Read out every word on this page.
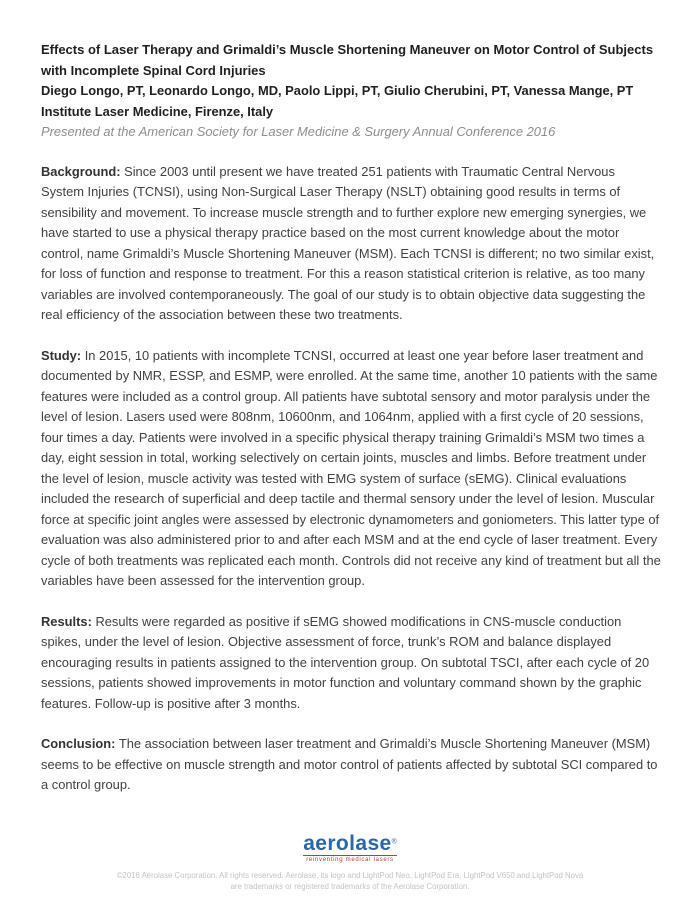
Effects of Laser Therapy and Grimaldi’s Muscle Shortening Maneuver on Motor Control of Subjects with Incomplete Spinal Cord Injuries

Diego Longo, PT, Leonardo Longo, MD, Paolo Lippi, PT, Giulio Cherubini, PT, Vanessa Mange, PT

Institute Laser Medicine, Firenze, Italy

Presented at the American Society for Laser Medicine & Surgery Annual Conference 2016

Background: Since 2003 until present we have treated 251 patients with Traumatic Central Nervous System Injuries (TCNSI), using Non-Surgical Laser Therapy (NSLT) obtaining good results in terms of sensibility and movement. To increase muscle strength and to further explore new emerging synergies, we have started to use a physical therapy practice based on the most current knowledge about the motor control, name Grimaldi’s Muscle Shortening Maneuver (MSM). Each TCNSI is different; no two similar exist, for loss of function and response to treatment. For this a reason statistical criterion is relative, as too many variables are involved contemporaneously. The goal of our study is to obtain objective data suggesting the real efficiency of the association between these two treatments.

Study: In 2015, 10 patients with incomplete TCNSI, occurred at least one year before laser treatment and documented by NMR, ESSP, and ESMP, were enrolled. At the same time, another 10 patients with the same features were included as a control group. All patients have subtotal sensory and motor paralysis under the level of lesion. Lasers used were 808nm, 10600nm, and 1064nm, applied with a first cycle of 20 sessions, four times a day. Patients were involved in a specific physical therapy training Grimaldi’s MSM two times a day, eight session in total, working selectively on certain joints, muscles and limbs. Before treatment under the level of lesion, muscle activity was tested with EMG system of surface (sEMG). Clinical evaluations included the research of superficial and deep tactile and thermal sensory under the level of lesion. Muscular force at specific joint angles were assessed by electronic dynamometers and goniometers. This latter type of evaluation was also administered prior to and after each MSM and at the end cycle of laser treatment. Every cycle of both treatments was replicated each month. Controls did not receive any kind of treatment but all the variables have been assessed for the intervention group.

Results: Results were regarded as positive if sEMG showed modifications in CNS-muscle conduction spikes, under the level of lesion. Objective assessment of force, trunk’s ROM and balance displayed encouraging results in patients assigned to the intervention group. On subtotal TSCI, after each cycle of 20 sessions, patients showed improvements in motor function and voluntary command shown by the graphic features. Follow-up is positive after 3 months.

Conclusion: The association between laser treatment and Grimaldi’s Muscle Shortening Maneuver (MSM) seems to be effective on muscle strength and motor control of patients affected by subtotal SCI compared to a control group.

aerolase®
reinventing medical lasers
©2016 Aerolase Corporation. All rights reserved. Aerolase, its logo and LightPod Neo, LightPod Era, LightPod V650 and LightPod Nova
are trademarks or registered trademarks of the Aerolase Corporation.
